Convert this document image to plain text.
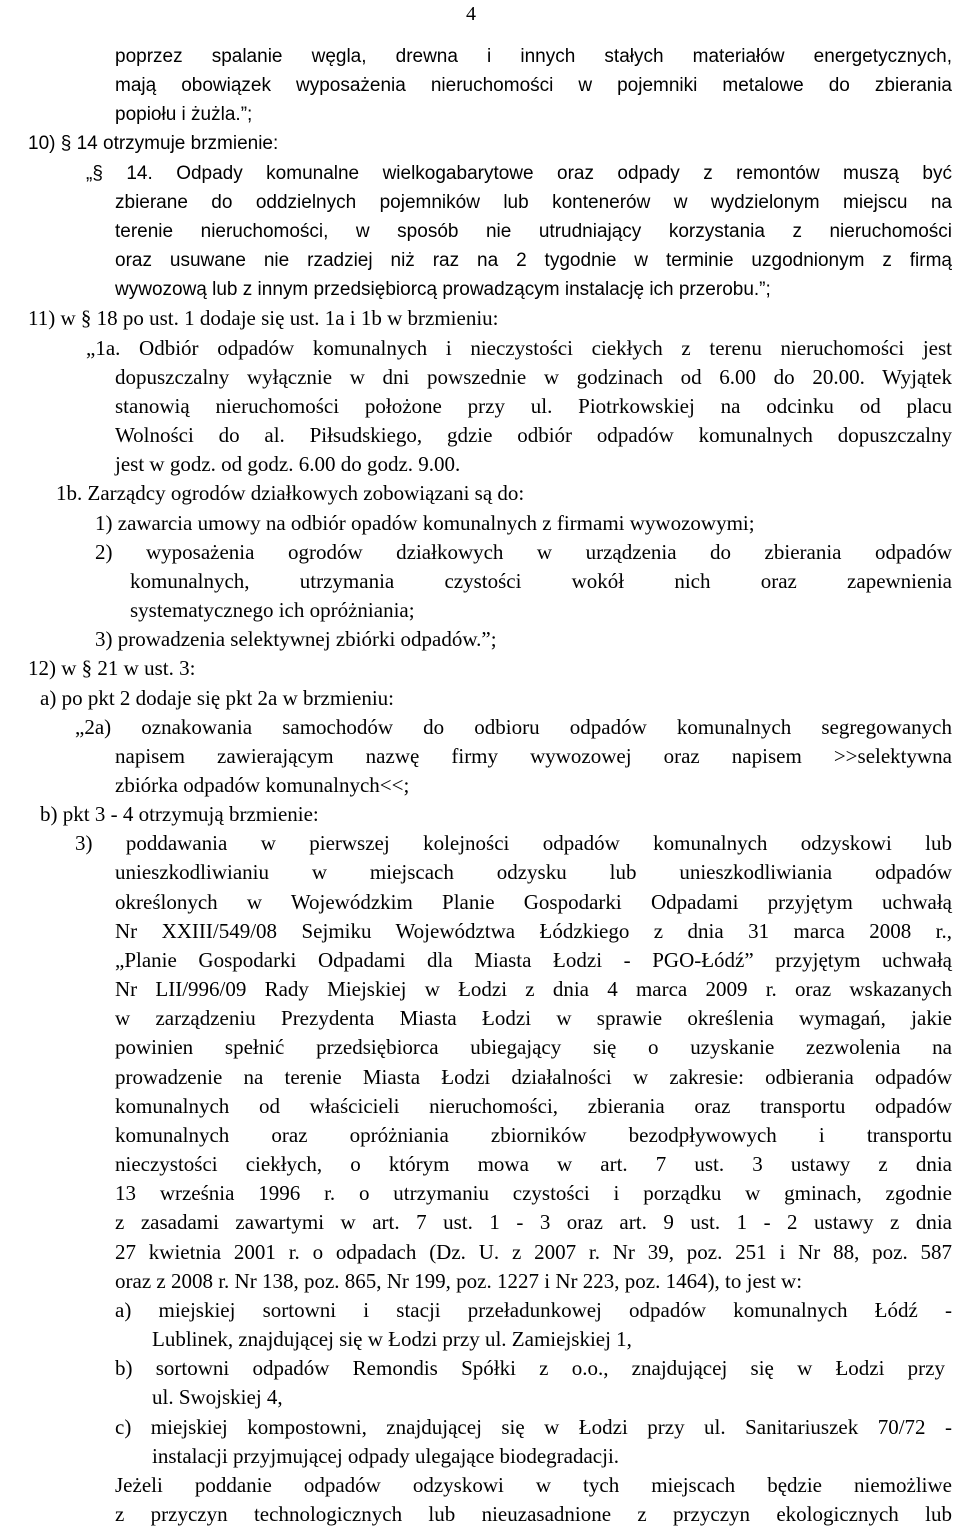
4
poprzez spalanie węgla, drewna i innych stałych materiałów energetycznych,
mają obowiązek wyposażenia nieruchomości w pojemniki metalowe do zbierania
popiołu i żużla.”;
10) § 14 otrzymuje brzmienie:
„§ 14. Odpady komunalne wielkogabarytowe oraz odpady z remontów muszą być
zbierane do oddzielnych pojemników lub kontenerów w wydzielonym miejscu na
terenie nieruchomości, w sposób nie utrudniający korzystania z nieruchomości
oraz usuwane nie rzadziej niż raz na 2 tygodnie w terminie uzgodnionym z firmą
wywozową lub z innym przedsiębiorcą prowadzącym instalację ich przerobu.”;
11) w § 18 po ust. 1 dodaje się ust. 1a i 1b w brzmieniu:
„1a. Odbiór odpadów komunalnych i nieczystości ciekłych z terenu nieruchomości jest
dopuszczalny wyłącznie w dni powszednie w godzinach od 6.00 do 20.00. Wyjątek
stanowią nieruchomości położone przy ul. Piotrkowskiej na odcinku od placu
Wolności do al. Piłsudskiego, gdzie odbiór odpadów komunalnych dopuszczalny
jest w godz. od godz. 6.00 do godz. 9.00.
1b. Zarządcy ogrodów działkowych zobowiązani są do:
1) zawarcia umowy na odbiór opadów komunalnych z firmami wywozowymi;
2) wyposażenia ogrodów działkowych w urządzenia do zbierania odpadów
komunalnych, utrzymania czystości wokół nich oraz zapewnienia
systematycznego ich opróżniania;
3) prowadzenia selektywnej zbiórki odpadów.”;
12) w § 21 w ust. 3:
a) po pkt 2 dodaje się pkt 2a w brzmieniu:
„2a) oznakowania samochodów do odbioru odpadów komunalnych segregowanych
napisem zawierającym nazwę firmy wywozowej oraz napisem >>selektywna
zbiórka odpadów komunalnych<<;
b) pkt 3 - 4 otrzymują brzmienie:
3) poddawania w pierwszej kolejności odpadów komunalnych odzyskowi lub
unieszkodliwianiu w miejscach odzysku lub unieszkodliwiania odpadów
określonych w Wojewódzkim Planie Gospodarki Odpadami przyjętym uchwałą
Nr XXIII/549/08 Sejmiku Województwa Łódzkiego z dnia 31 marca 2008 r.,
„Planie Gospodarki Odpadami dla Miasta Łodzi - PGO-Łódź” przyjętym uchwałą
Nr LII/996/09 Rady Miejskiej w Łodzi z dnia 4 marca 2009 r. oraz wskazanych
w zarządzeniu Prezydenta Miasta Łodzi w sprawie określenia wymagań, jakie
powinien spełnić przedsiębiorca ubiegający się o uzyskanie zezwolenia na
prowadzenie na terenie Miasta Łodzi działalności w zakresie: odbierania odpadów
komunalnych od właścicieli nieruchomości, zbierania oraz transportu odpadów
komunalnych oraz opróżniania zbiorników bezodpływowych i transportu
nieczystości ciekłych, o którym mowa w art. 7 ust. 3 ustawy z dnia
13 września 1996 r. o utrzymaniu czystości i porządku w gminach, zgodnie
z zasadami zawartymi w art. 7 ust. 1 - 3 oraz art. 9 ust. 1 - 2 ustawy z dnia
27 kwietnia 2001 r. o odpadach (Dz. U. z 2007 r. Nr 39, poz. 251 i Nr 88, poz. 587
oraz z 2008 r. Nr 138, poz. 865, Nr 199, poz. 1227 i Nr 223, poz. 1464), to jest w:
a) miejskiej sortowni i stacji przeładunkowej odpadów komunalnych Łódź -
Lublinek, znajdującej się w Łodzi przy ul. Zamiejskiej 1,
b) sortowni odpadów Remondis Spółki z o.o., znajdującej się w Łodzi przy
ul. Swojskiej 4,
c) miejskiej kompostowni, znajdującej się w Łodzi przy ul. Sanitariuszek 70/72 -
instalacji przyjmującej odpady ulegające biodegradacji.
Jeżeli poddanie odpadów odzyskowi w tych miejscach będzie niemożliwe
z przyczyn technologicznych lub nieuzasadnione z przyczyn ekologicznych lub
